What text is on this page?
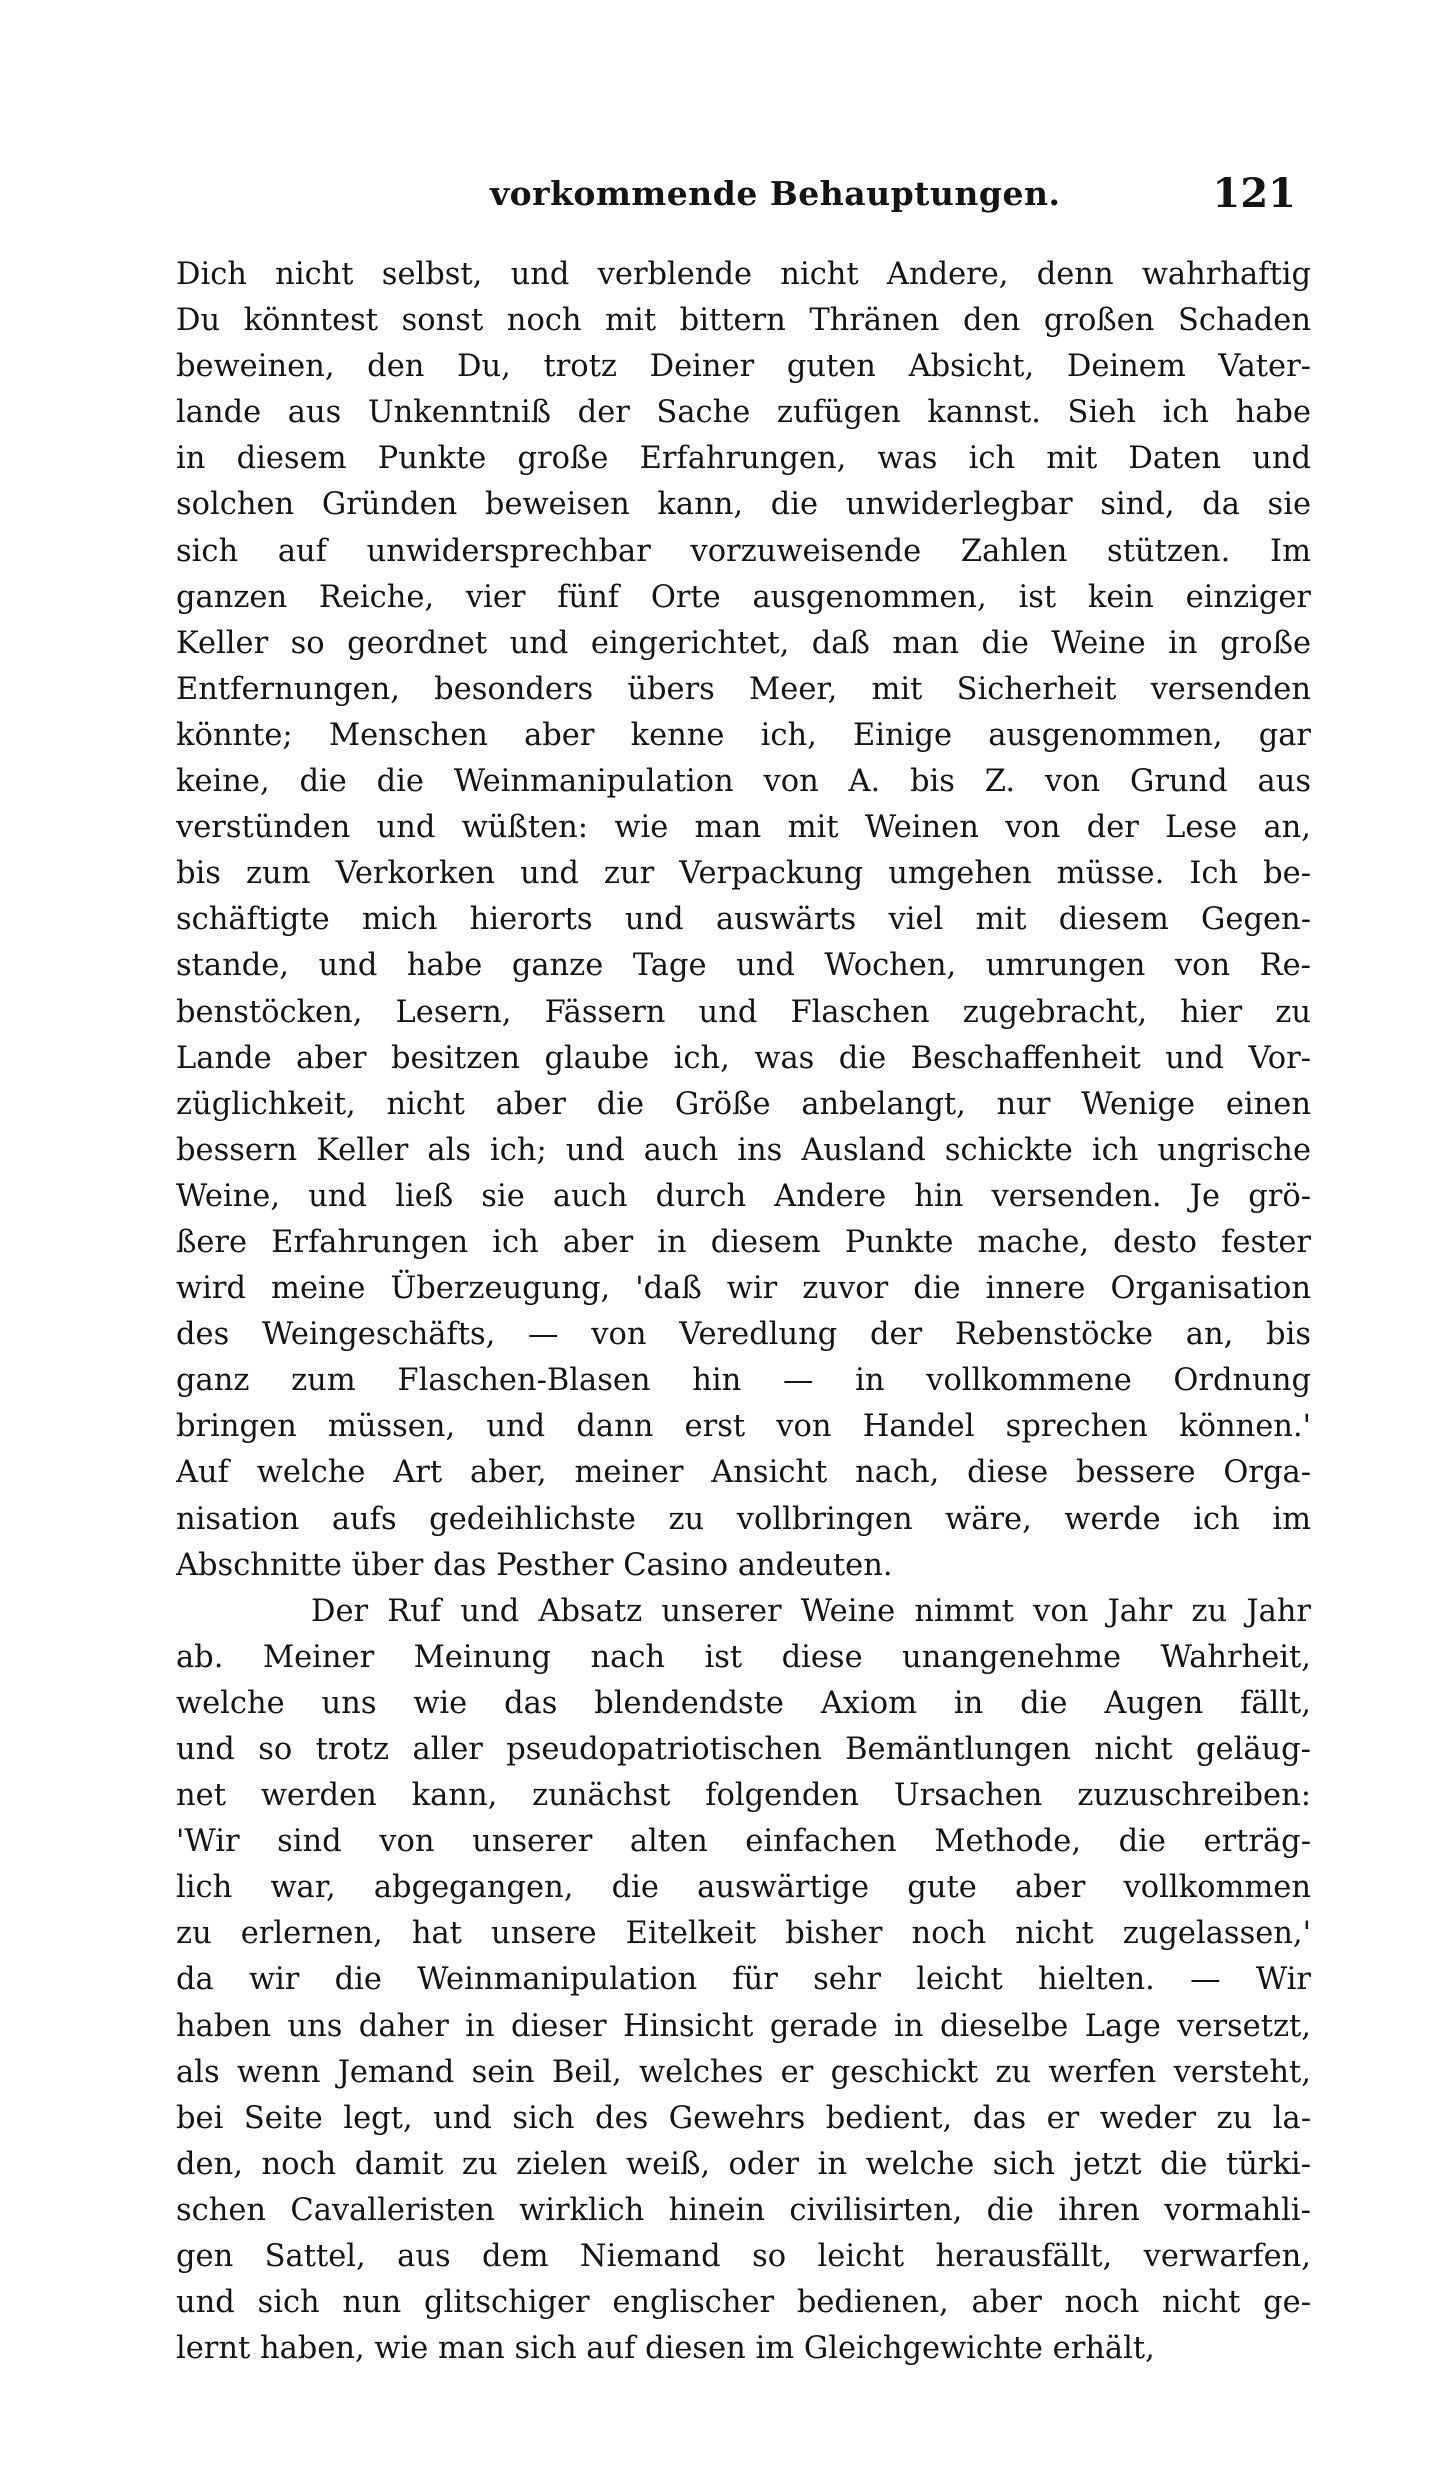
vorkommende Behauptungen.	121
Dich nicht selbst, und verblende nicht Andere, denn wahrhaftig
Du könntest sonst noch mit bittern Thränen den großen Schaden
beweinen, den Du, trotz Deiner guten Absicht, Deinem Vater-
lande aus Unkenntniß der Sache zufügen kannst. Sieh ich habe
in diesem Punkte große Erfahrungen, was ich mit Daten und
solchen Gründen beweisen kann, die unwiderlegbar sind, da sie
sich auf unwidersprechbar vorzuweisende Zahlen stützen. Im
ganzen Reiche, vier fünf Orte ausgenommen, ist kein einziger
Keller so geordnet und eingerichtet, daß man die Weine in große
Entfernungen, besonders übers Meer, mit Sicherheit versenden
könnte; Menschen aber kenne ich, Einige ausgenommen, gar
keine, die die Weinmanipulation von A. bis Z. von Grund aus
verstünden und wüßten: wie man mit Weinen von der Lese an,
bis zum Verkorken und zur Verpackung umgehen müsse. Ich be-
schäftigte mich hierorts und auswärts viel mit diesem Gegen-
stande, und habe ganze Tage und Wochen, umrungen von Re-
benstöcken, Lesern, Fässern und Flaschen zugebracht, hier zu
Lande aber besitzen glaube ich, was die Beschaffenheit und Vor-
züglichkeit, nicht aber die Größe anbelangt, nur Wenige einen
bessern Keller als ich; und auch ins Ausland schickte ich ungrische
Weine, und ließ sie auch durch Andere hin versenden. Je grö-
ßere Erfahrungen ich aber in diesem Punkte mache, desto fester
wird meine Überzeugung, 'daß wir zuvor die innere Organisation
des Weingeschäfts, — von Veredlung der Rebenstöcke an, bis
ganz zum Flaschen-Blasen hin — in vollkommene Ordnung
bringen müssen, und dann erst von Handel sprechen können.'
Auf welche Art aber, meiner Ansicht nach, diese bessere Orga-
nisation aufs gedeihlichste zu vollbringen wäre, werde ich im
Abschnitte über das Pesther Casino andeuten.
Der Ruf und Absatz unserer Weine nimmt von Jahr zu Jahr
ab. Meiner Meinung nach ist diese unangenehme Wahrheit,
welche uns wie das blendendste Axiom in die Augen fällt,
und so trotz aller pseudopatriotischen Bemäntlungen nicht geläug-
net werden kann, zunächst folgenden Ursachen zuzuschreiben:
'Wir sind von unserer alten einfachen Methode, die erträg-
lich war, abgegangen, die auswärtige gute aber vollkommen
zu erlernen, hat unsere Eitelkeit bisher noch nicht zugelassen,'
da wir die Weinmanipulation für sehr leicht hielten. — Wir
haben uns daher in dieser Hinsicht gerade in dieselbe Lage versetzt,
als wenn Jemand sein Beil, welches er geschickt zu werfen versteht,
bei Seite legt, und sich des Gewehrs bedient, das er weder zu la-
den, noch damit zu zielen weiß, oder in welche sich jetzt die türki-
schen Cavalleristen wirklich hinein civilisirten, die ihren vormahli-
gen Sattel, aus dem Niemand so leicht herausfällt, verwarfen,
und sich nun glitschiger englischer bedienen, aber noch nicht ge-
lernt haben, wie man sich auf diesen im Gleichgewichte erhält,
